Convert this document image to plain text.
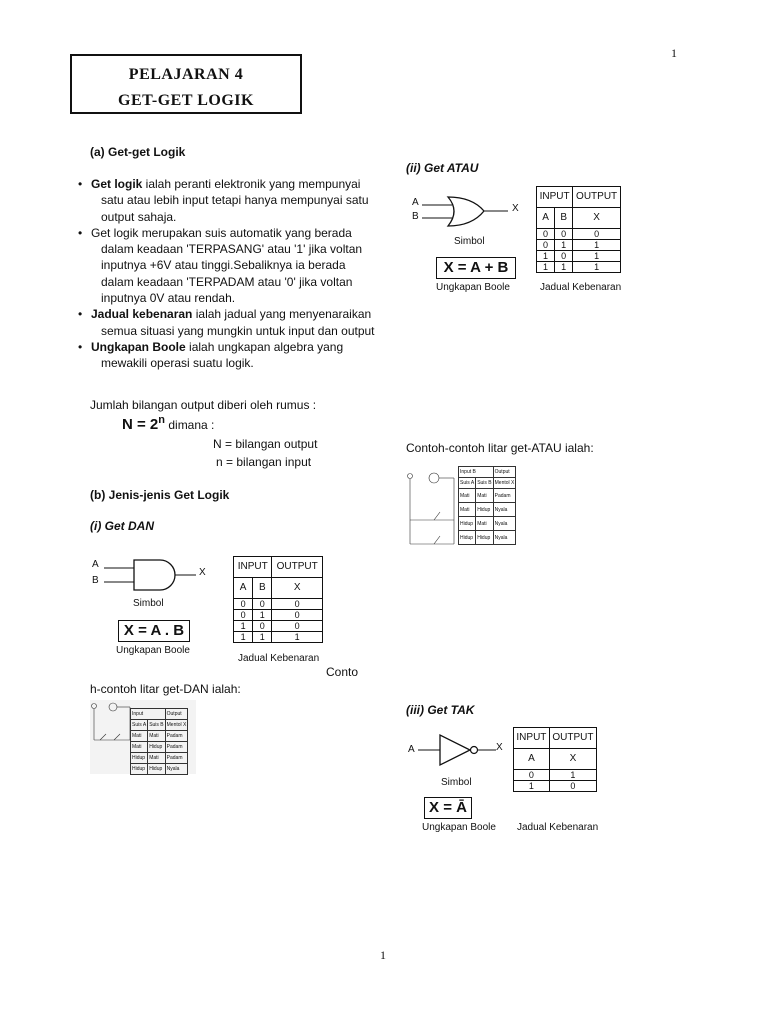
1
1
PELAJARAN 4
GET-GET LOGIK
(a) Get-get Logik
• Get logik ialah peranti elektronik yang mempunyai
satu atau lebih input tetapi hanya mempunyai satu
output sahaja.
• Get logik merupakan suis automatik yang berada
dalam keadaan 'TERPASANG' atau '1' jika voltan
inputnya +6V atau tinggi.Sebaliknya ia berada
dalam keadaan 'TERPADAM atau '0' jika voltan
inputnya 0V atau rendah.
• Jadual kebenaran ialah jadual yang menyenaraikan
semua situasi yang mungkin untuk input dan output
• Ungkapan Boole ialah ungkapan algebra yang
mewakili operasi suatu logik.
Jumlah bilangan output diberi oleh rumus :
$N = 2^n$ dimana :
N = bilangan output
n = bilangan input
(b) Jenis-jenis Get Logik
(i) Get DAN
A
B
X
Simbol
X = A . B
Ungkapan Boole
INPUT		OUTPUT
A	B	X
0	0	0
0	1	0
1	0	0
1	1	1
Jadual Kebenaran
Conto
h-contoh litar get-DAN ialah:
Input		Output
Suis A	Suis B	Mentol X
Mati	Mati	Padam
Mati	Hidup	Padam
Hidup	Mati	Padam
Hidup	Hidup	Nyala
(ii) Get ATAU
A
B
X
Simbol
X = A + B
Ungkapan Boole
INPUT		OUTPUT
A	B	X
0	0	0
0	1	1
1	0	1
1	1	1
Jadual Kebenaran
Contoh-contoh litar get-ATAU ialah:
Input B		Output
Suis A	Suis B	Mentol X
Mati	Mati	Padam
Mati	Hidup	Nyala
Hidup	Mati	Nyala
Hidup	Hidup	Nyala
(iii) Get TAK
A	X
Simbol
X = Ā
Ungkapan Boole
INPUT	OUTPUT
A	X
0	1
1	0
Jadual Kebenaran
